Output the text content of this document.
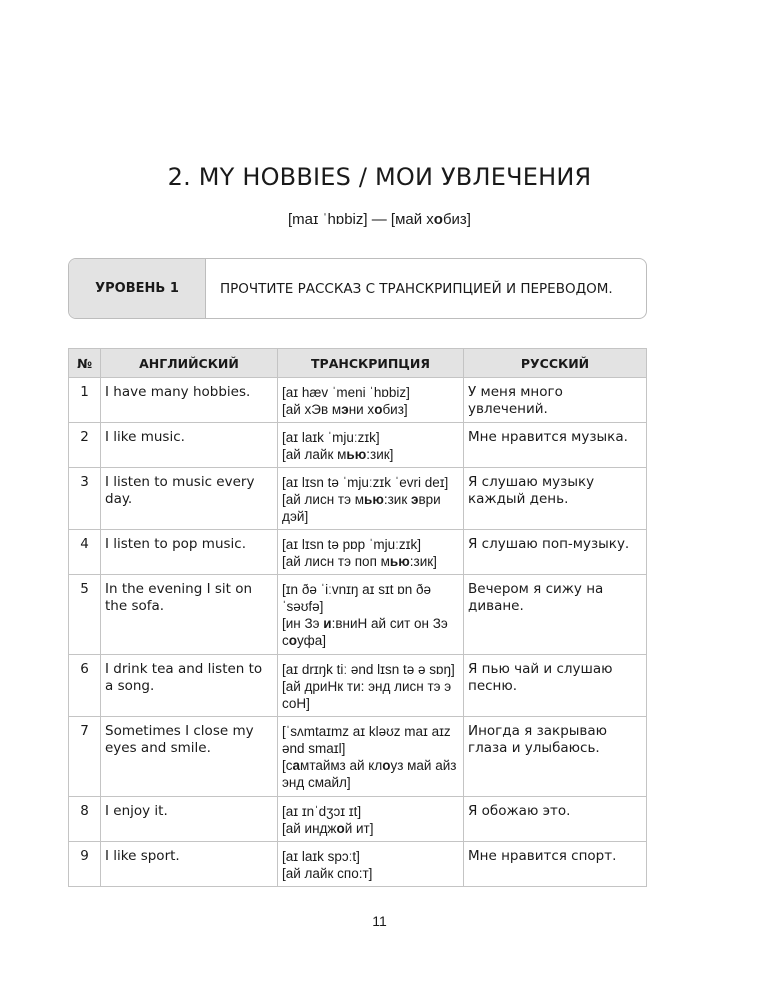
2. MY HOBBIES / МОИ УВЛЕЧЕНИЯ
[maɪ ˈhɒbiz] — [май хобиз]
УРОВЕНЬ 1	ПРОЧТИТЕ РАССКАЗ С ТРАНСКРИПЦИЕЙ И ПЕРЕВОДОМ.
№	АНГЛИЙСКИЙ	ТРАНСКРИПЦИЯ	РУССКИЙ
1	I have many hobbies.	[aɪ hæv ˈmeni ˈhɒbiz]
[ай хЭв мэни хобиз]	У меня много увлечений.
2	I like music.	[aɪ laɪk ˈmjuːzɪk]
[ай лайк мью:зик]	Мне нравится музыка.
3	I listen to music every day.	[aɪ lɪsn tə ˈmjuːzɪk ˈevri deɪ]
[ай лисн тэ мью:зик эври дэй]	Я слушаю музыку каждый день.
4	I listen to pop music.	[aɪ lɪsn tə pɒp ˈmjuːzɪk]
[ай лисн тэ поп мью:зик]	Я слушаю поп-музыку.
5	In the evening I sit on the sofa.	[ɪn ðə ˈiːvnɪŋ aɪ sɪt ɒn ðə ˈsəʊfə]
[ин Зэ и:вниН ай сит он Зэ соуфа]	Вечером я сижу на диване.
6	I drink tea and listen to a song.	[aɪ drɪŋk tiː ənd lɪsn tə ə sɒŋ]
[ай дриНк ти: энд лисн тэ э соН]	Я пью чай и слушаю песню.
7	Sometimes I close my eyes and smile.	[ˈsʌmtaɪmz aɪ kləʊz maɪ aɪz ənd smaɪl]
[самтаймз ай клоуз май айз энд смайл]	Иногда я закрываю глаза и улыбаюсь.
8	I enjoy it.	[aɪ ɪnˈdʒɔɪ ɪt]
[ай инджой ит]	Я обожаю это.
9	I like sport.	[aɪ laɪk spɔːt]
[ай лайк спо:т]	Мне нравится спорт.
11
